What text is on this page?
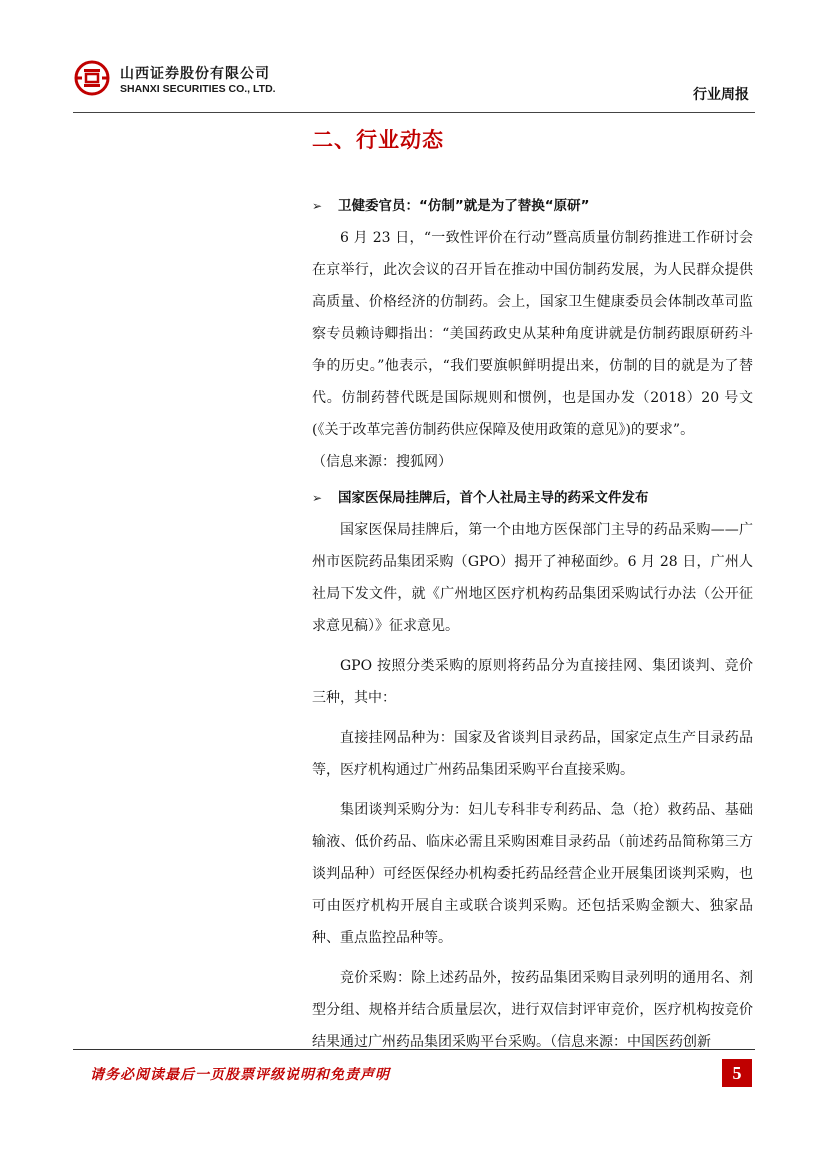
山西证券股份有限公司
SHANXI SECURITIES CO., LTD.	行业周报
二、行业动态
➢ 卫健委官员：“仿制”就是为了替换“原研”

6 月 23 日，“一致性评价在行动”暨高质量仿制药推进工作研讨会在京举行，此次会议的召开旨在推动中国仿制药发展，为人民群众提供高质量、价格经济的仿制药。会上，国家卫生健康委员会体制改革司监察专员赖诗卿指出：“美国药政史从某种角度讲就是仿制药跟原研药斗争的历史。”他表示，“我们要旗帜鲜明提出来，仿制的目的就是为了替代。仿制药替代既是国际规则和惯例，也是国办发（2018）20 号文(《关于改革完善仿制药供应保障及使用政策的意见》)的要求”。

（信息来源：搜狐网）
➢ 国家医保局挂牌后，首个人社局主导的药采文件发布

国家医保局挂牌后，第一个由地方医保部门主导的药品采购——广州市医院药品集团采购（GPO）揭开了神秘面纱。6 月 28 日，广州人社局下发文件，就《广州地区医疗机构药品集团采购试行办法（公开征求意见稿）》征求意见。

GPO 按照分类采购的原则将药品分为直接挂网、集团谈判、竞价三种，其中：

直接挂网品种为：国家及省谈判目录药品，国家定点生产目录药品等，医疗机构通过广州药品集团采购平台直接采购。

集团谈判采购分为：妇儿专科非专利药品、急（抢）救药品、基础输液、低价药品、临床必需且采购困难目录药品（前述药品简称第三方谈判品种）可经医保经办机构委托药品经营企业开展集团谈判采购，也可由医疗机构开展自主或联合谈判采购。还包括采购金额大、独家品种、重点监控品种等。

竞价采购：除上述药品外，按药品集团采购目录列明的通用名、剂型分组、规格并结合质量层次，进行双信封评审竞价，医疗机构按竞价结果通过广州药品集团采购平台采购。（信息来源：中国医药创新

请务必阅读最后一页股票评级说明和免责声明	5
